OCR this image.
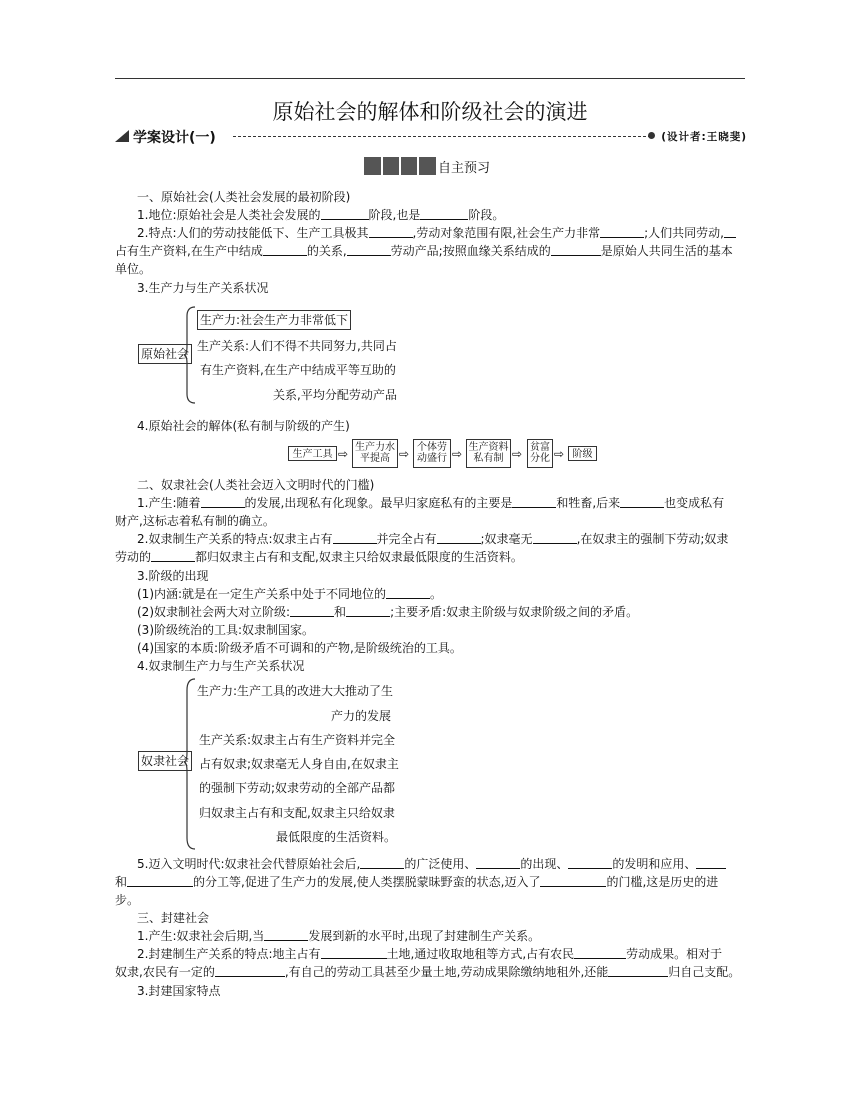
原始社会的解体和阶级社会的演进
学案设计(一)	(设计者:王晓斐)
自主预习
一、原始社会(人类社会发展的最初阶段)
1.地位:原始社会是人类社会发展的	阶段,也是	阶段。
2.特点:人们的劳动技能低下、生产工具极其	,劳动对象范围有限,社会生产力非常	;人们共同劳动,
占有生产资料,在生产中结成	的关系,	劳动产品;按照血缘关系结成的	是原始人共同生活的基本
单位。
3.生产力与生产关系状况
原始社会
生产力:社会生产力非常低下
生产关系:人们不得不共同努力,共同占
有生产资料,在生产中结成平等互助的
关系,平均分配劳动产品
4.原始社会的解体(私有制与阶级的产生)
生产工具 ⇨ 生产力水平提高 ⇨ 个体劳动盛行 ⇨ 生产资料私有制 ⇨ 贫富分化 ⇨ 阶级
二、奴隶社会(人类社会迈入文明时代的门槛)
1.产生:随着	的发展,出现私有化现象。最早归家庭私有的主要是	和牲畜,后来	也变成私有
财产,这标志着私有制的确立。
2.奴隶制生产关系的特点:奴隶主占有	并完全占有	;奴隶毫无	,在奴隶主的强制下劳动;奴隶
劳动的	都归奴隶主占有和支配,奴隶主只给奴隶最低限度的生活资料。
3.阶级的出现
(1)内涵:就是在一定生产关系中处于不同地位的	。
(2)奴隶制社会两大对立阶级:	和	;主要矛盾:奴隶主阶级与奴隶阶级之间的矛盾。
(3)阶级统治的工具:奴隶制国家。
(4)国家的本质:阶级矛盾不可调和的产物,是阶级统治的工具。
4.奴隶制生产力与生产关系状况
奴隶社会
生产力:生产工具的改进大大推动了生
产力的发展
生产关系:奴隶主占有生产资料并完全
占有奴隶;奴隶毫无人身自由,在奴隶主
的强制下劳动;奴隶劳动的全部产品都
归奴隶主占有和支配,奴隶主只给奴隶
最低限度的生活资料。
5.迈入文明时代:奴隶社会代替原始社会后,	的广泛使用、	的出现、	的发明和应用、
和	的分工等,促进了生产力的发展,使人类摆脱蒙昧野蛮的状态,迈入了	的门槛,这是历史的进
步。
三、封建社会
1.产生:奴隶社会后期,当	发展到新的水平时,出现了封建制生产关系。
2.封建制生产关系的特点:地主占有	土地,通过收取地租等方式,占有农民	劳动成果。相对于
奴隶,农民有一定的	,有自己的劳动工具甚至少量土地,劳动成果除缴纳地租外,还能	归自己支配。
3.封建国家特点
